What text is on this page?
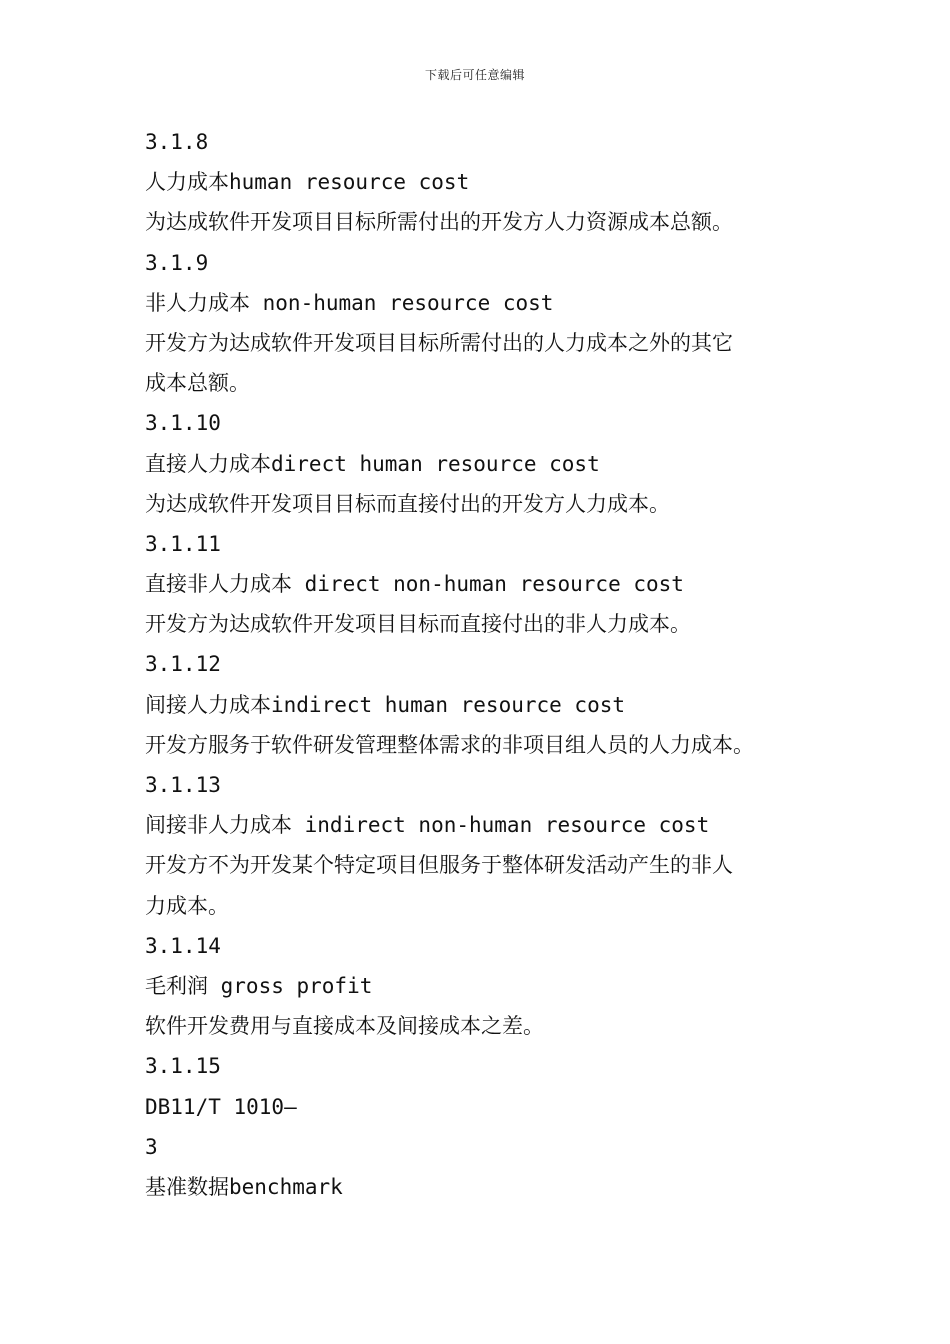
下载后可任意编辑
3.1.8
人力成本human resource cost
为达成软件开发项目目标所需付出的开发方人力资源成本总额。
3.1.9
非人力成本 non-human resource cost
开发方为达成软件开发项目目标所需付出的人力成本之外的其它
成本总额。
3.1.10
直接人力成本direct human resource cost
为达成软件开发项目目标而直接付出的开发方人力成本。
3.1.11
直接非人力成本 direct non-human resource cost
开发方为达成软件开发项目目标而直接付出的非人力成本。
3.1.12
间接人力成本indirect human resource cost
开发方服务于软件研发管理整体需求的非项目组人员的人力成本。
3.1.13
间接非人力成本 indirect non-human resource cost
开发方不为开发某个特定项目但服务于整体研发活动产生的非人
力成本。
3.1.14
毛利润 gross profit
软件开发费用与直接成本及间接成本之差。
3.1.15
DB11/T 1010—
3
基准数据benchmark
